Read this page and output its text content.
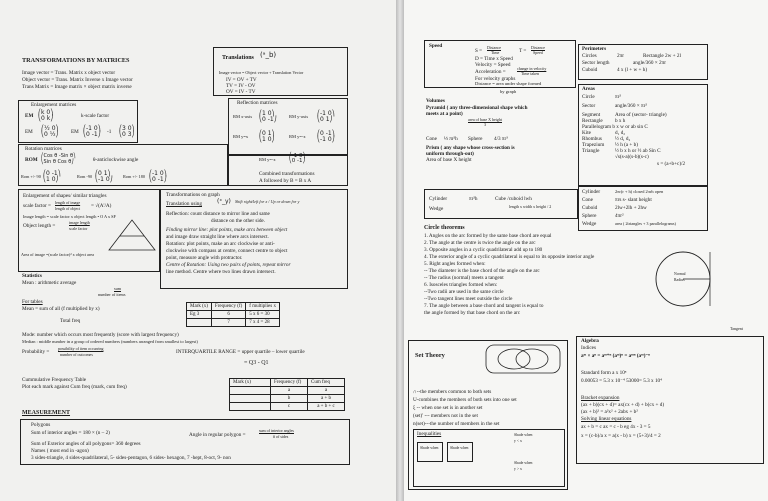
TRANSFORMATIONS BY MATRICES
Image vector = Trans. Matrix x object vector
Object vector = Trans. Matrix Inverse x Image vector
Trans Matrix = Image matrix × object matrix inverse
Translations (ᵃ_b)
Image vector = Object vector + Translation Vector
IV = OV + TV
TV = IV - OV
OV = IV - TV
Enlargement matrices
EM ⎛k 0⎞
⎝0 k⎠	k-scale factor
EM ⎛½ 0⎞
⎝0 ½⎠ EM ⎛-1 0⎞
⎝0 -1⎠ -1 ⎛3 0⎞
⎝0 3⎠
Reflection matrices
RM x-axis ⎛1 0⎞
⎝0 -1⎠	RM y-axis ⎛-1 0⎞
⎝0 1⎠
RM y=x ⎛0 1⎞
⎝1 0⎠	RM y=-x ⎛0 -1⎞
⎝-1 0⎠
Rotation matrices
ROM
⎛Cos θ -Sin θ⎞
⎝Sin θ Cos θ⎠	θ-anticlockwise angle
Rom +/- 90 ⎛0 -1⎞
⎝1 0⎠	Rom -90 ⎛0 1⎞
⎝-1 0⎠ Rom +/- 180 ⎛-1 0⎞
⎝0 -1⎠
RM y=-x
⎛-1 0⎞
⎝0 -1⎠
Combined transformations
A followed by B = B x A
Enlargement of shapes/ similar triangles
scale factor =
length of image
length of object = √(A'/A)
Image length = scale factor x object length • O A x SF
Object length =
image length
scale factor
Area of image =(scale factor)² x object area
Transformations on graph
Translation using	(ˣ_y) Shift right/left for x / Up or down for y
Reflection: count distance to mirror line and same
distance on the other side.
Finding mirror line: plot points, make arcs between object
and image draw straight line where arcs intersect.
Rotation: plot points, make an arc clockwise or anti-
clockwise with compass at centre, connect centre to object
point, measure angle with protractor.
Centre of Rotation: Using two pairs of points, repeat mirror
line method. Centre where two lines drawn intersect.
Statistics
Mean : arithmetic average
sum
number of items
For tables
Mean = sum of all (f multiplied by x)
Total freq
Mark (x)	Frequency (f)	f multiplies x
Eg 3	6	5 x 6 = 30
	7	7 x 4 = 28
Mode: number which occurs most frequently (score with largest frequency)
Median : middle number in a group of ordered numbers (numbers arranged from smallest to largest)
Probability =
possibility of item occurring
number of outcomes	INTERQUARTILE RANGE = upper quartile – lower quartile
= Q3 - Q1
Cummulative Frequency Table
Plot each mark against Cum freq (mark, cum freq)
Mark (x)	Frequency (f)	Cum freq
	a	a
	b	a + b
	c	a + b + c
MEASUREMENT
Polygons
Sum of interior angles = 180 × (n – 2)	Angle in regular polygon =
sum of interior angles
# of sides
Sum of Exterior angles of all polygons= 360 degrees
Names ( most end in -agon)
3 sides-triangle, 4 sides-quadrilateral, 5- sides-pentagon, 6 sides- hexagon, 7 -hept, 8-oct, 9- non
Speed
S =
Distance
Time	T =
Distance
Speed
D = Time x Speed
Velocity = Speed
Acceleration =
change in velocity
Time taken
For velocity graphs
Distance = area under shape formed
by graph
Perimeters
Circles	2πr	Rectangle 2w + 2l
Sector length	angle/360 × 2πr
Cuboid	4 x (l + w + h)
Areas
Circle	πr²
Sector	angle/360 × πr²
Segment	Area of (sector- triangle)
Rectangle b x h
Parallelogram b x w or ab sin C
Kite	d₁ d₂
Rhombus	½ d₁ d₂
Trapezium ½ h (a + b)
Triangle	½ b x h or ½ ab Sin C
√s(s-a)(s-b)(s-c)
s = (a+b+c)/2
Volumes
Pyramid ( any three-dimensional shape which
meets at a point)
area of base X height
3
Cone ⅓ πr²h Sphere 4/3 πr³
Prism ( any shape whose cross-section is
uniform through-out)
Area of base X height
Cylinder	πr²h	Cube /cuboid lwh
Wedge	length x width x height / 2
Cylinder	2πr(r + h) closed 2πrh open
Cone	πrs s- slant height
Cuboid	2lw+2lh + 2hw
Sphere	4πr²
Wedge	area ( 2triangles + 3 parallelograms)
Circle theorems
1. Angles on the arc formed by the same base chord are equal
2. The angle at the centre is twice the angle on the arc
3. Opposite angles in a cyclic quadrilateral add up to 180
4. The exterior angle of a cyclic quadrilateral is equal to its opposite interior angle
5. Right angles formed when:
-- The diameter is the base chord of the angle on the arc
-- The radius (normal) meets a tangent
6. Isosceles triangles formed when:
--Two radii are used in the same circle
--Two tangent lines meet outside the circle
7. The angle between a base chord and tangent is equal to
the angle formed by that base chord on the arc
Normal
Radius
Tangent
Set Theory
∩--the members common to both sets
U-combines the members of both sets into one set
ξ -- when one set is in another set
(set)' --- members not in the set
n(set)---the number of members in the set
Inequalities
Shade when	Shade when
Shade when
y < x
Shade when
y > x
Algebra
Indices
aᵐ × aⁿ = aᵐ⁺ⁿ (aᵐ)ⁿ = aᵐⁿ (aᵐ)⁻ⁿ
Standard form a x 10ⁿ
0.00053 = 5.3 x 10⁻⁴ 53000= 5.3 x 10⁴
Bracket expansion
(ax + b)(cx + d)= ax(cx + d) + b(cx + d)
(ax + b)² = a²x² + 2abx + b²
Solving linear equations
ax + b = c ax = c - b eg 4x - 3 = 5
x = (c-b)/a x = a(x - b) x = (5+3)/4 = 2
